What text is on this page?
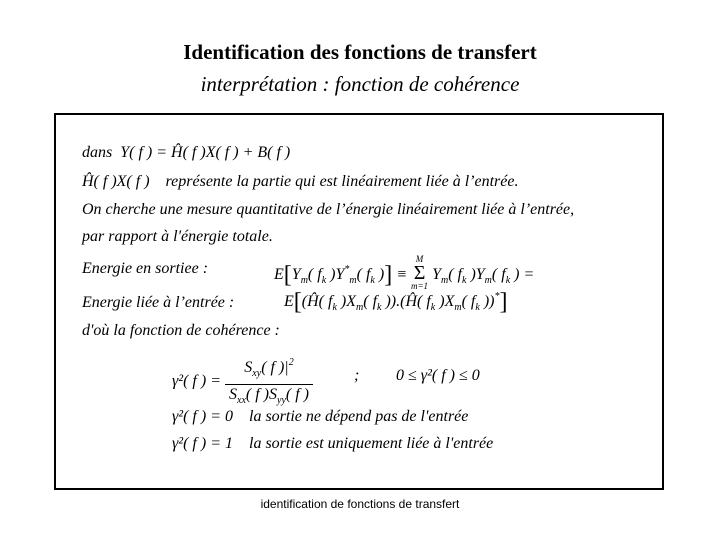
Identification des fonctions de transfert
interprétation : fonction de cohérence
dans  Y( f ) = Ĥ( f )X( f ) + B( f )
Ĥ( f )X( f )    représente la partie qui est linéairement liée à l’entrée.
On cherche une mesure quantitative de l’énergie linéairement liée à l’entrée,
par rapport à l'énergie totale.
Energie en sortiee :	$E[Y_m$( $f_k$ )$Y^*_m$( $f_k$ )] ≡
M
Σ
m=1
$Y_m$( $f_k$ )$Y_m$( $f_k$ ) =
Energie liée à l’entrée :	E[(Ĥ( $f_k$ )$X_m$( $f_k$ )).(Ĥ( $f_k$ )$X_m$( $f_k$ ))*]
d'où la fonction de cohérence :
γ²( f ) = $\frac{S_{xy}( f )|^2}{S_{xx}( f )S_{yy}( f )}$	; 0 ≤ γ²( f ) ≤ 0
γ²( f ) = 0 la sortie ne dépend pas de l'entrée
γ²( f ) = 1 la sortie est uniquement liée à l'entrée
identification de fonctions de transfert
